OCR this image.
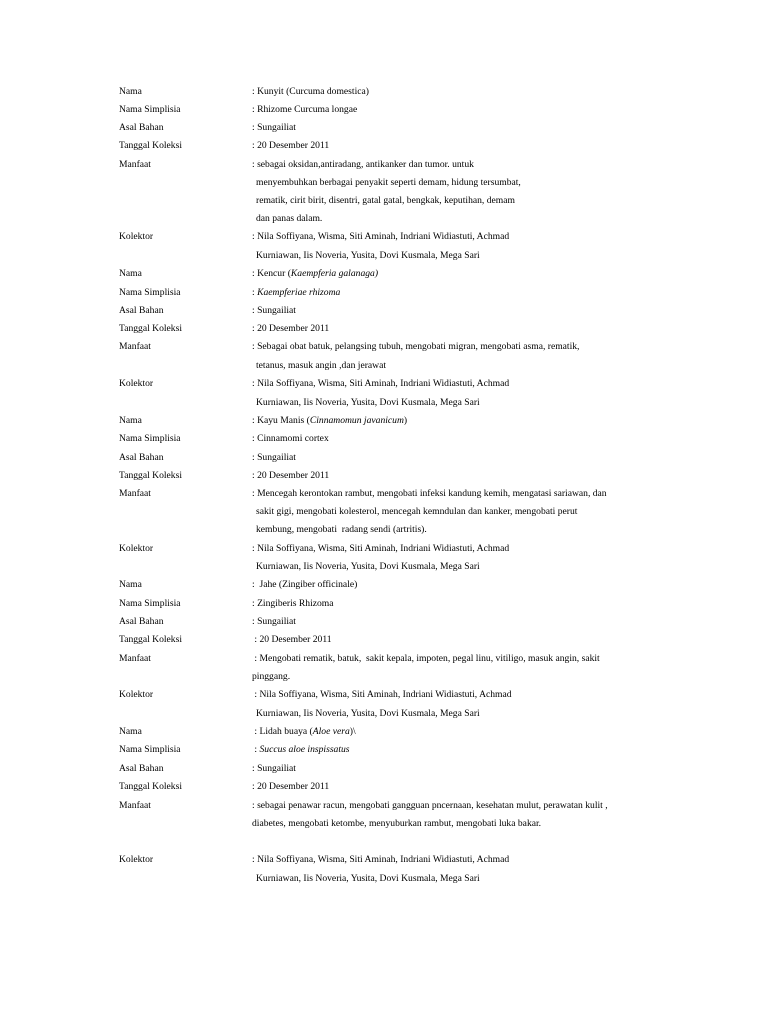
Nama	: Kunyit (Curcuma domestica)
Nama Simplisia	: Rhizome Curcuma longae
Asal Bahan	: Sungailiat
Tanggal Koleksi	: 20 Desember 2011
Manfaat	: sebagai oksidan,antiradang, antikanker dan tumor. untuk
menyembuhkan berbagai penyakit seperti demam, hidung tersumbat,
rematik, cirit birit, disentri, gatal gatal, bengkak, keputihan, demam
dan panas dalam.
Kolektor	: Nila Soffiyana, Wisma, Siti Aminah, Indriani Widiastuti, Achmad
Kurniawan, Iis Noveria, Yusita, Dovi Kusmala, Mega Sari
Nama	: Kencur (Kaempferia galanaga)
Nama Simplisia	: Kaempferiae rhizoma
Asal Bahan	: Sungailiat
Tanggal Koleksi	: 20 Desember 2011
Manfaat	: Sebagai obat batuk, pelangsing tubuh, mengobati migran, mengobati asma, rematik,
tetanus, masuk angin ,dan jerawat
Kolektor	: Nila Soffiyana, Wisma, Siti Aminah, Indriani Widiastuti, Achmad
Kurniawan, Iis Noveria, Yusita, Dovi Kusmala, Mega Sari
Nama	: Kayu Manis (Cinnamomun javanicum)
Nama Simplisia	: Cinnamomi cortex
Asal Bahan	: Sungailiat
Tanggal Koleksi	: 20 Desember 2011
Manfaat	: Mencegah kerontokan rambut, mengobati infeksi kandung kemih, mengatasi sariawan, dan
sakit gigi, mengobati kolesterol, mencegah kemndulan dan kanker, mengobati perut
kembung, mengobati  radang sendi (artritis).
Kolektor	: Nila Soffiyana, Wisma, Siti Aminah, Indriani Widiastuti, Achmad
Kurniawan, Iis Noveria, Yusita, Dovi Kusmala, Mega Sari
Nama	:  Jahe (Zingiber officinale)
Nama Simplisia	: Zingiberis Rhizoma
Asal Bahan	: Sungailiat
Tanggal Koleksi	: 20 Desember 2011
Manfaat	: Mengobati rematik, batuk,  sakit kepala, impoten, pegal linu, vitiligo, masuk angin, sakit
pinggang.
Kolektor	: Nila Soffiyana, Wisma, Siti Aminah, Indriani Widiastuti, Achmad
Kurniawan, Iis Noveria, Yusita, Dovi Kusmala, Mega Sari
Nama	: Lidah buaya (Aloe vera)\
Nama Simplisia	: Succus aloe inspissatus
Asal Bahan	: Sungailiat
Tanggal Koleksi	: 20 Desember 2011
Manfaat	: sebagai penawar racun, mengobati gangguan pncernaan, kesehatan mulut, perawatan kulit ,
diabetes, mengobati ketombe, menyuburkan rambut, mengobati luka bakar.
Kolektor	: Nila Soffiyana, Wisma, Siti Aminah, Indriani Widiastuti, Achmad
Kurniawan, Iis Noveria, Yusita, Dovi Kusmala, Mega Sari
